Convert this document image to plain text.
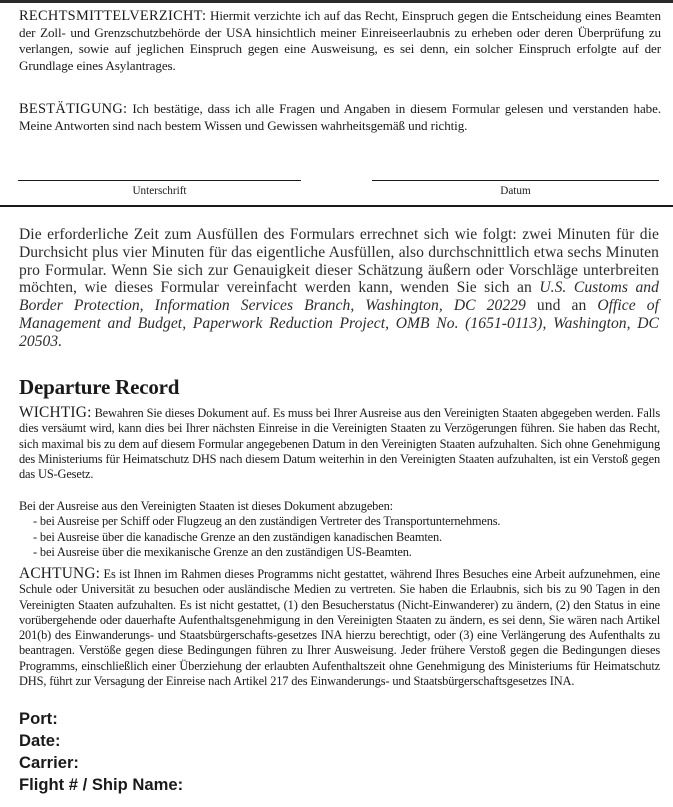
RECHTSMITTELVERZICHT: Hiermit verzichte ich auf das Recht, Einspruch gegen die Entscheidung eines Beamten der Zoll- und Grenzschutzbehörde der USA hinsichtlich meiner Einreiseerlaubnis zu erheben oder deren Überprüfung zu verlangen, sowie auf jeglichen Einspruch gegen eine Ausweisung, es sei denn, ein solcher Einspruch erfolgte auf der Grundlage eines Asylantrages.

BESTÄTIGUNG: Ich bestätige, dass ich alle Fragen und Angaben in diesem Formular gelesen und verstanden habe. Meine Antworten sind nach bestem Wissen und Gewissen wahrheitsgemäß und richtig.

Unterschrift	Datum

Die erforderliche Zeit zum Ausfüllen des Formulars errechnet sich wie folgt: zwei Minuten für die Durchsicht plus vier Minuten für das eigentliche Ausfüllen, also durchschnittlich etwa sechs Minuten pro Formular. Wenn Sie sich zur Genauigkeit dieser Schätzung äußern oder Vorschläge unterbreiten möchten, wie dieses Formular vereinfacht werden kann, wenden Sie sich an U.S. Customs and Border Protection, Information Services Branch, Washington, DC 20229 und an Office of Management and Budget, Paperwork Reduction Project, OMB No. (1651-0113), Washington, DC 20503.

Departure Record

WICHTIG: Bewahren Sie dieses Dokument auf. Es muss bei Ihrer Ausreise aus den Vereinigten Staaten abgegeben werden. Falls dies versäumt wird, kann dies bei Ihrer nächsten Einreise in die Vereinigten Staaten zu Verzögerungen führen. Sie haben das Recht, sich maximal bis zu dem auf diesem Formular angegebenen Datum in den Vereinigten Staaten aufzuhalten. Sich ohne Genehmigung des Ministeriums für Heimatschutz DHS nach diesem Datum weiterhin in den Vereinigten Staaten aufzuhalten, ist ein Verstoß gegen das US-Gesetz.

Bei der Ausreise aus den Vereinigten Staaten ist dieses Dokument abzugeben:
- bei Ausreise per Schiff oder Flugzeug an den zuständigen Vertreter des Transportunternehmens.
- bei Ausreise über die kanadische Grenze an den zuständigen kanadischen Beamten.
- bei Ausreise über die mexikanische Grenze an den zuständigen US-Beamten.

ACHTUNG: Es ist Ihnen im Rahmen dieses Programms nicht gestattet, während Ihres Besuches eine Arbeit aufzunehmen, eine Schule oder Universität zu besuchen oder ausländische Medien zu vertreten. Sie haben die Erlaubnis, sich bis zu 90 Tagen in den Vereinigten Staaten aufzuhalten. Es ist nicht gestattet, (1) den Besucherstatus (Nicht-Einwanderer) zu ändern, (2) den Status in eine vorübergehende oder dauerhafte Aufenthaltsgenehmigung in den Vereinigten Staaten zu ändern, es sei denn, Sie wären nach Artikel 201(b) des Einwanderungs- und Staatsbürgerschafts-gesetzes INA hierzu berechtigt, oder (3) eine Verlängerung des Aufenthalts zu beantragen. Verstöße gegen diese Bedingungen führen zu Ihrer Ausweisung. Jeder frühere Verstoß gegen die Bedingungen dieses Programms, einschließlich einer Überziehung der erlaubten Aufenthaltszeit ohne Genehmigung des Ministeriums für Heimatschutz DHS, führt zur Versagung der Einreise nach Artikel 217 des Einwanderungs- und Staatsbürgerschaftsgesetzes INA.

Port:
Date:
Carrier:
Flight # / Ship Name:
